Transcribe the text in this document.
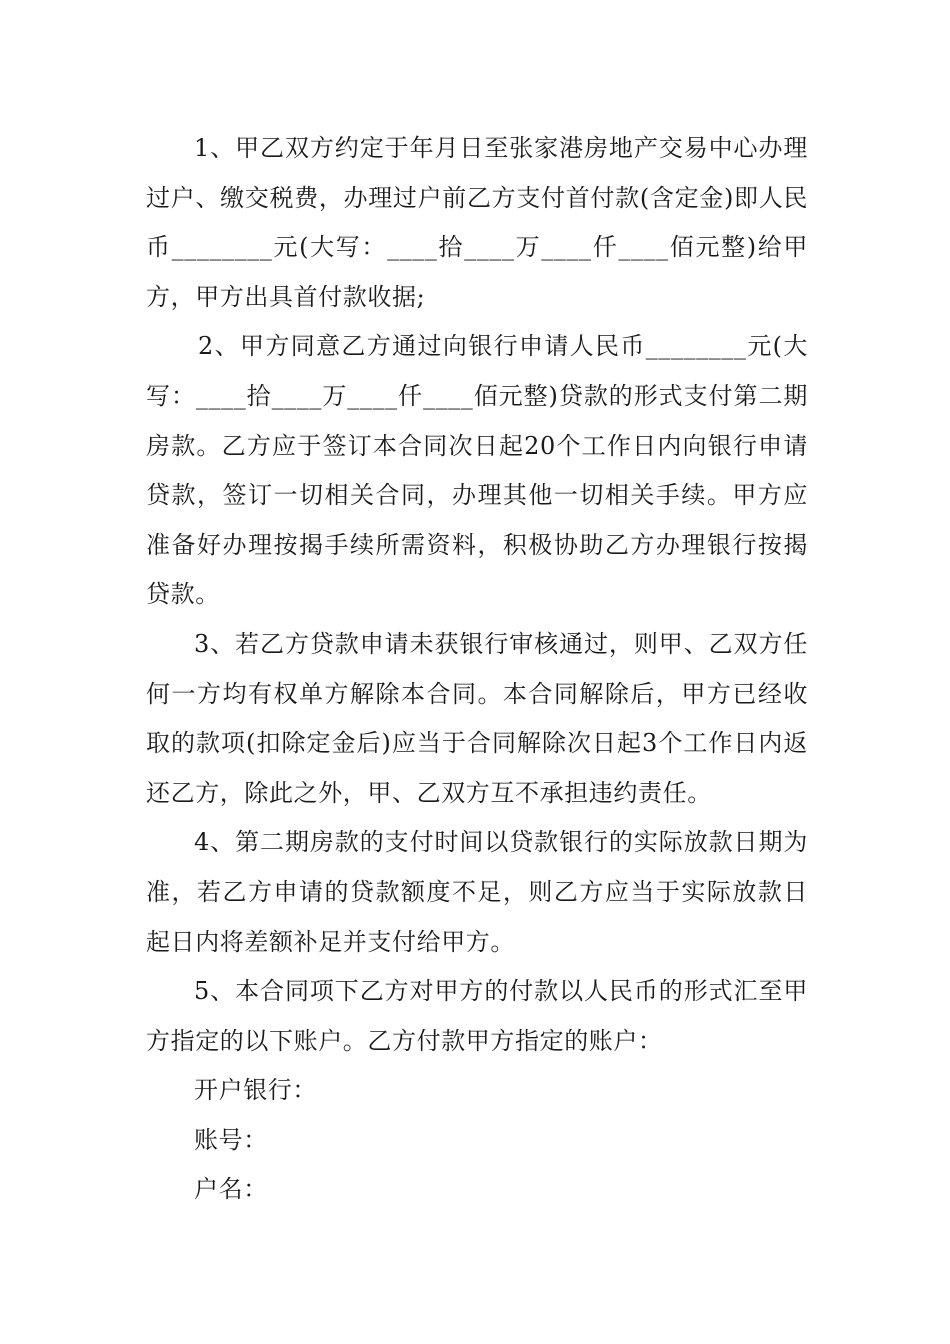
1、甲乙双方约定于年月日至张家港房地产交易中心办理过户、缴交税费，办理过户前乙方支付首付款(含定金)即人民币________元(大写：____拾____万____仟____佰元整)给甲方，甲方出具首付款收据;

2、甲方同意乙方通过向银行申请人民币________元(大写：____拾____万____仟____佰元整)贷款的形式支付第二期房款。乙方应于签订本合同次日起20个工作日内向银行申请贷款，签订一切相关合同，办理其他一切相关手续。甲方应准备好办理按揭手续所需资料，积极协助乙方办理银行按揭贷款。

3、若乙方贷款申请未获银行审核通过，则甲、乙双方任何一方均有权单方解除本合同。本合同解除后，甲方已经收取的款项(扣除定金后)应当于合同解除次日起3个工作日内返还乙方，除此之外，甲、乙双方互不承担违约责任。

4、第二期房款的支付时间以贷款银行的实际放款日期为准，若乙方申请的贷款额度不足，则乙方应当于实际放款日起日内将差额补足并支付给甲方。

5、本合同项下乙方对甲方的付款以人民币的形式汇至甲方指定的以下账户。乙方付款甲方指定的账户：

开户银行：

账号：

户名：
